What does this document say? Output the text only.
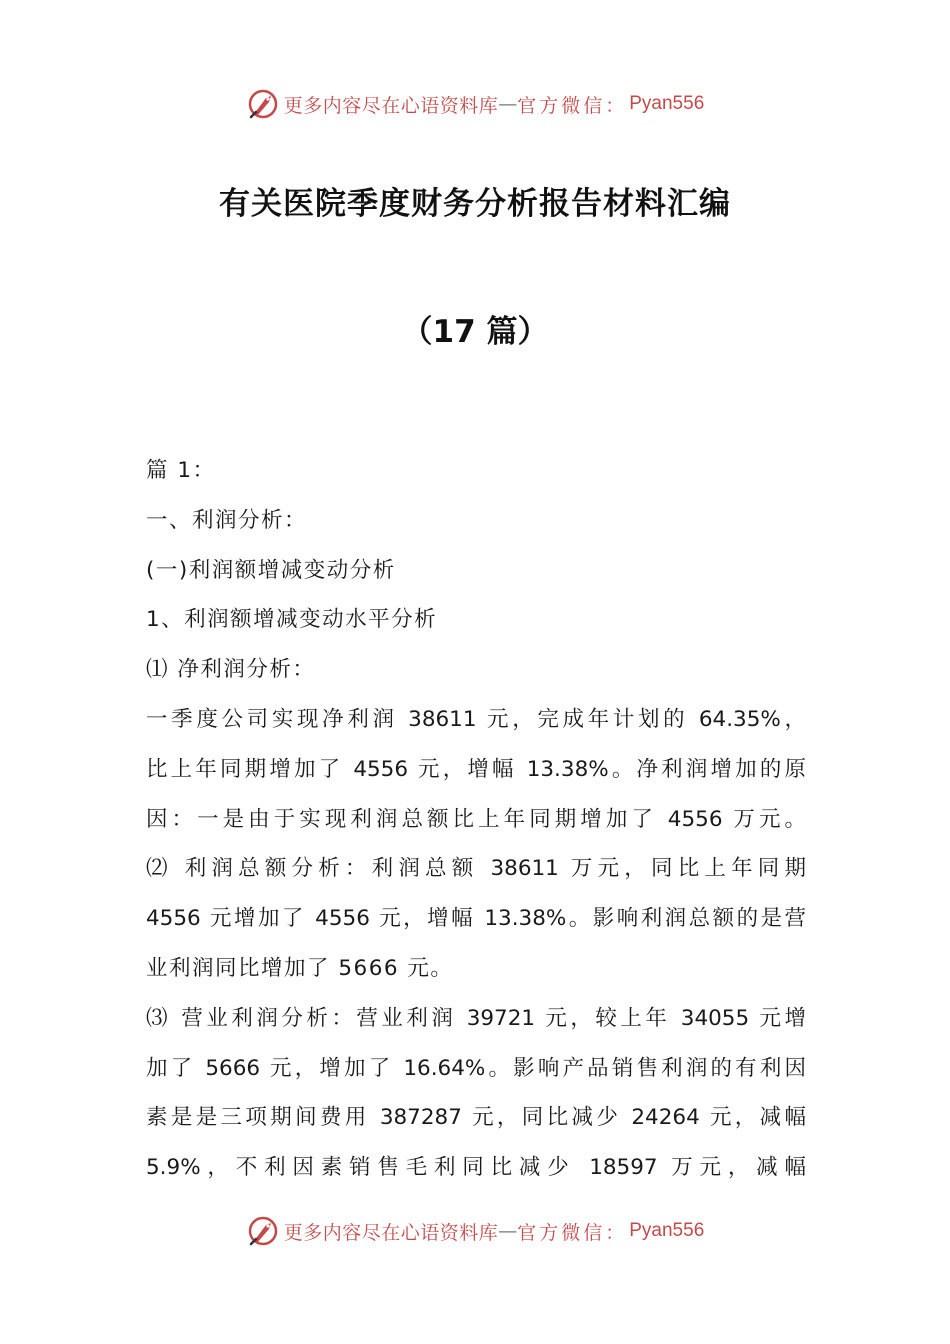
更多内容尽在心语资料库 — 官方微信： Pyan556
有关医院季度财务分析报告材料汇编
（17 篇）
篇 1：
一、利润分析：
(一)利润额增减变动分析
1、利润额增减变动水平分析
⑴ 净利润分析：
一季度公司实现净利润 38611 元，完成年计划的 64.35%，
比上年同期增加了 4556 元，增幅 13.38%。净利润增加的原
因：一是由于实现利润总额比上年同期增加了 4556 万元。
⑵ 利润总额分析：利润总额 38611 万元，同比上年同期
4556 元增加了 4556 元，增幅 13.38%。影响利润总额的是营
业利润同比增加了 5666 元。
⑶ 营业利润分析：营业利润 39721 元，较上年 34055 元增
加了 5666 元，增加了 16.64%。影响产品销售利润的有利因
素是是三项期间费用 387287 元，同比减少 24264 元，减幅
5.9%，不利因素销售毛利同比减少 18597 万元，减幅
更多内容尽在心语资料库 — 官方微信： Pyan556
